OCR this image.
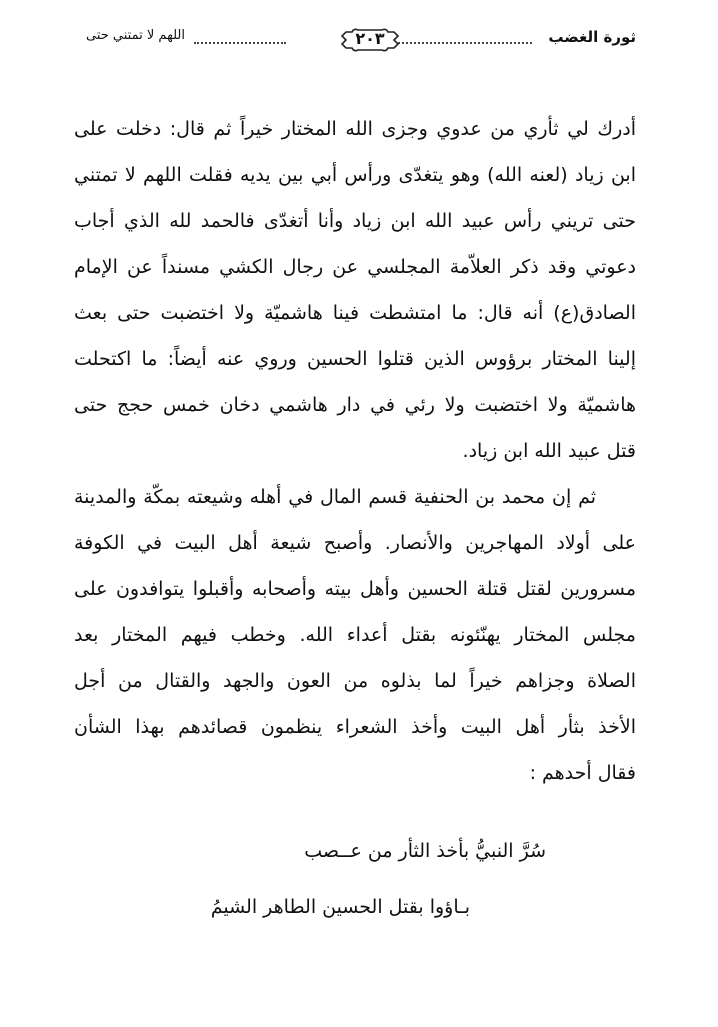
ثورة الغضب
٢٠٣
اللهم لا تمتني حتى
أدرك لي ثأري من عدوي وجزى الله المختار خيراً ثم قال: دخلت على
ابن زياد (لعنه الله) وهو يتغدّى ورأس أبي بين يديه فقلت اللهم لا تمتني
حتى تريني رأس عبيد الله ابن زياد وأنا أتغدّى فالحمد لله الذي أجاب
دعوتي وقد ذكر العلاّمة المجلسي عن رجال الكشي مسنداً عن الإمام
الصادق(ع) أنه قال: ما امتشطت فينا هاشميّة ولا اختضبت حتى بعث
إلينا المختار برؤوس الذين قتلوا الحسين وروي عنه أيضاً: ما اكتحلت
هاشميّة ولا اختضبت ولا رئي في دار هاشمي دخان خمس حجج حتى
قتل عبيد الله ابن زياد.
ثم إن محمد بن الحنفية قسم المال في أهله وشيعته بمكّة والمدينة
على أولاد المهاجرين والأنصار. وأصبح شيعة أهل البيت في الكوفة
مسرورين لقتل قتلة الحسين وأهل بيته وأصحابه وأقبلوا يتوافدون على
مجلس المختار يهنّئونه بقتل أعداء الله. وخطب فيهم المختار بعد
الصلاة وجزاهم خيراً لما بذلوه من العون والجهد والقتال من أجل
الأخذ بثأر أهل البيت وأخذ الشعراء ينظمون قصائدهم بهذا الشأن
فقال أحدهم :
سُرَّ النبيُّ بأخذ الثأر من عــصب
بـاؤوا بقتل الحسين الطاهر الشيمُ
